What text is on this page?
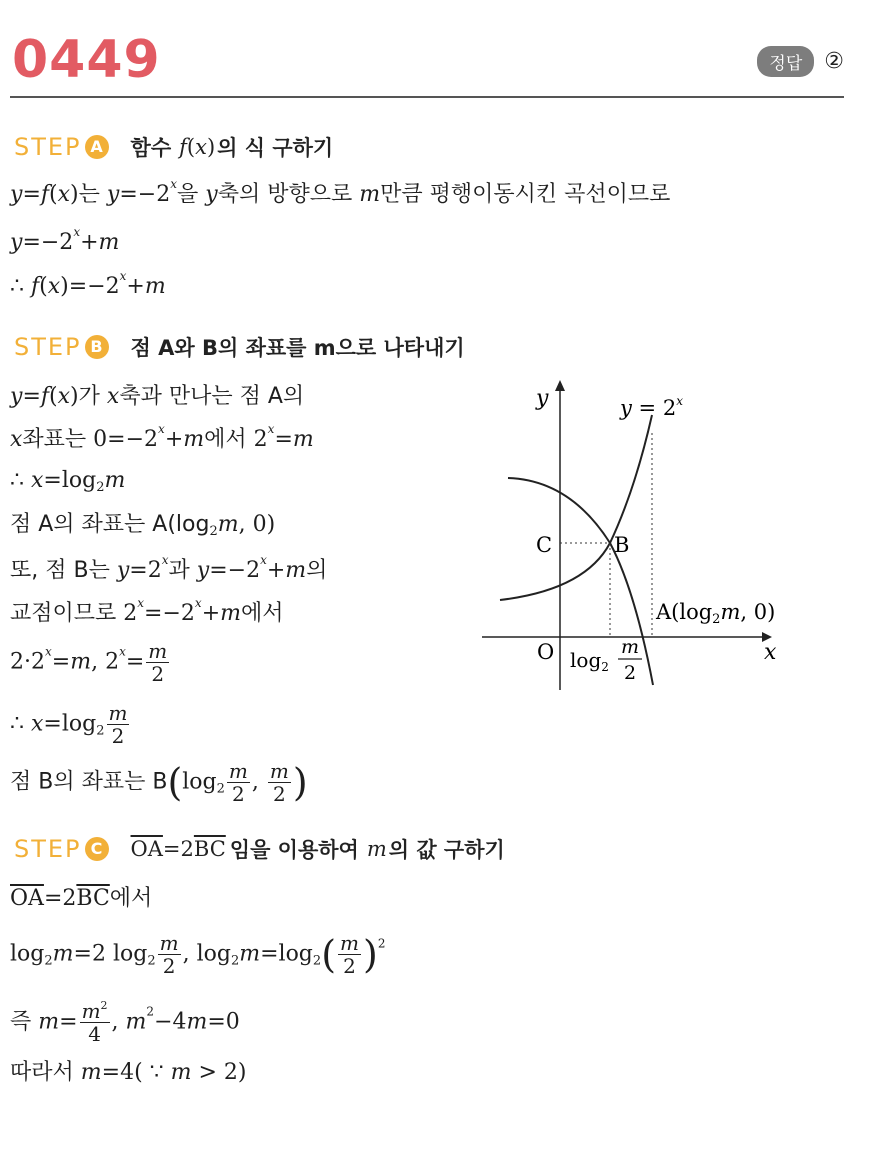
0449	정답	②
STEP A 함수 f(x) 의 식 구하기
y=f(x)는 $y=-2^x$을 y축의 방향으로 m만큼 평행이동시킨 곡선이므로
$y=-2^x+m$
∴ $f(x)=-2^x+m$
STEP B 점 A와 B의 좌표를 m으로 나타내기
y=f(x)가 x축과 만나는 점 A의
x좌표는 $0=-2^x+m$에서 $2^x=m$
∴ $x=\log_2m$
점 A의 좌표는 $A(\log_2m$, 0)
또, 점 B는 $y=2^x$과 $y=-2^x+m$의
교점이므로 $2^x=-2^x+m$에서
$2\cdot 2^x=m$, $2^x= \frac{m}{2}$
∴ $x=\log_2 \frac{m}{2}$
점 B의 좌표는 $B(\log_2 \frac{m}{2}$ , $\frac{m}{2}$ )
$y = 2^x$
x
y
O
C	B
A(log2m, 0)
$\log_2$
m
2
STEP C $\overline{OA}=2\overline{BC}$ 임을 이용하여 m 의 값 구하기
$\overline{OA}=2\overline{BC}$에서
$\log_2m=2$ $\log_2 \frac{m}{2}$ , $\log_2m=\log_2( \frac{m}{2} )^2$
즉 $m= \frac{m^2}{4}$ , $m^2-4m=0$
따라서 m=4( ∵ m > 2)
